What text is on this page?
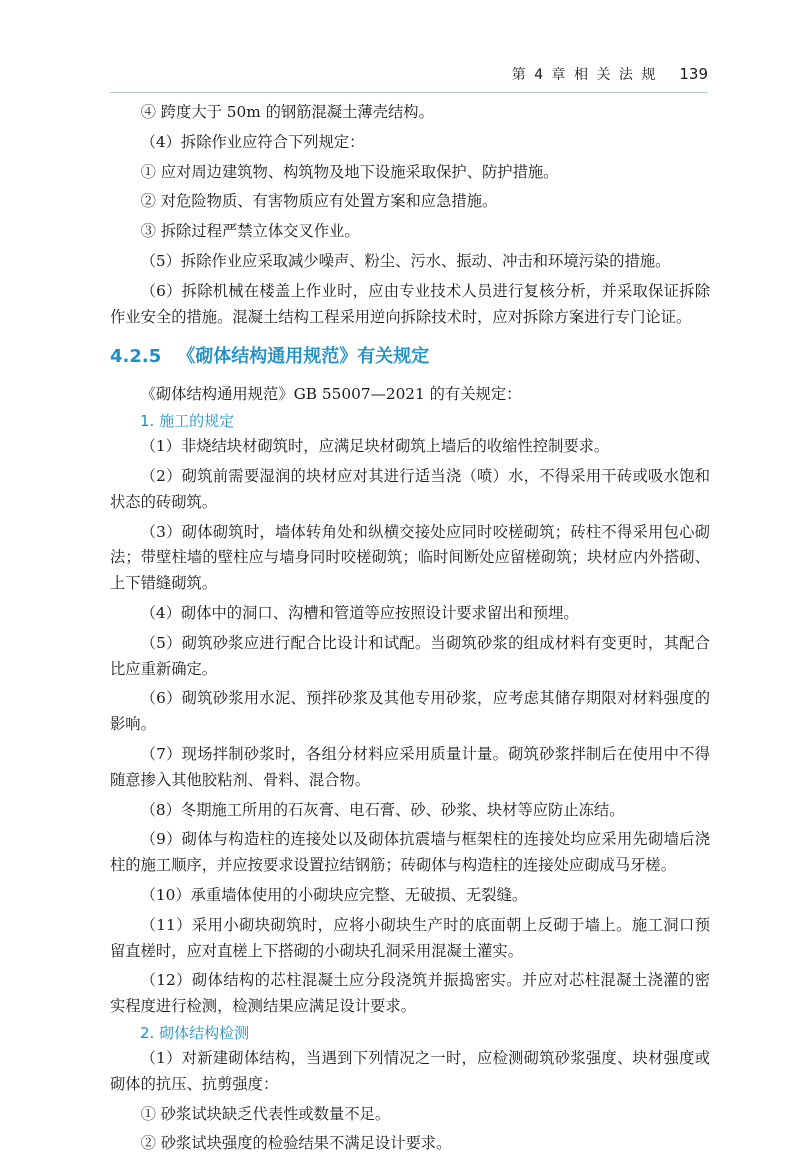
第 4 章 相 关 法 规 139

④ 跨度大于 50m 的钢筋混凝土薄壳结构。

（4）拆除作业应符合下列规定：

① 应对周边建筑物、构筑物及地下设施采取保护、防护措施。

② 对危险物质、有害物质应有处置方案和应急措施。

③ 拆除过程严禁立体交叉作业。

（5）拆除作业应采取减少噪声、粉尘、污水、振动、冲击和环境污染的措施。

（6）拆除机械在楼盖上作业时，应由专业技术人员进行复核分析，并采取保证拆除作业安全的措施。混凝土结构工程采用逆向拆除技术时，应对拆除方案进行专门论证。

4.2.5 《砌体结构通用规范》有关规定

《砌体结构通用规范》GB 55007—2021 的有关规定：

1. 施工的规定

（1）非烧结块材砌筑时，应满足块材砌筑上墙后的收缩性控制要求。

（2）砌筑前需要湿润的块材应对其进行适当浇（喷）水，不得采用干砖或吸水饱和状态的砖砌筑。

（3）砌体砌筑时，墙体转角处和纵横交接处应同时咬槎砌筑；砖柱不得采用包心砌法；带壁柱墙的壁柱应与墙身同时咬槎砌筑；临时间断处应留槎砌筑；块材应内外搭砌、上下错缝砌筑。

（4）砌体中的洞口、沟槽和管道等应按照设计要求留出和预埋。

（5）砌筑砂浆应进行配合比设计和试配。当砌筑砂浆的组成材料有变更时，其配合比应重新确定。

（6）砌筑砂浆用水泥、预拌砂浆及其他专用砂浆，应考虑其储存期限对材料强度的影响。

（7）现场拌制砂浆时，各组分材料应采用质量计量。砌筑砂浆拌制后在使用中不得随意掺入其他胶粘剂、骨料、混合物。

（8）冬期施工所用的石灰膏、电石膏、砂、砂浆、块材等应防止冻结。

（9）砌体与构造柱的连接处以及砌体抗震墙与框架柱的连接处均应采用先砌墙后浇柱的施工顺序，并应按要求设置拉结钢筋；砖砌体与构造柱的连接处应砌成马牙槎。

（10）承重墙体使用的小砌块应完整、无破损、无裂缝。

（11）采用小砌块砌筑时，应将小砌块生产时的底面朝上反砌于墙上。施工洞口预留直槎时，应对直槎上下搭砌的小砌块孔洞采用混凝土灌实。

（12）砌体结构的芯柱混凝土应分段浇筑并振捣密实。并应对芯柱混凝土浇灌的密实程度进行检测，检测结果应满足设计要求。

2. 砌体结构检测

（1）对新建砌体结构，当遇到下列情况之一时，应检测砌筑砂浆强度、块材强度或砌体的抗压、抗剪强度：

① 砂浆试块缺乏代表性或数量不足。

② 砂浆试块强度的检验结果不满足设计要求。
